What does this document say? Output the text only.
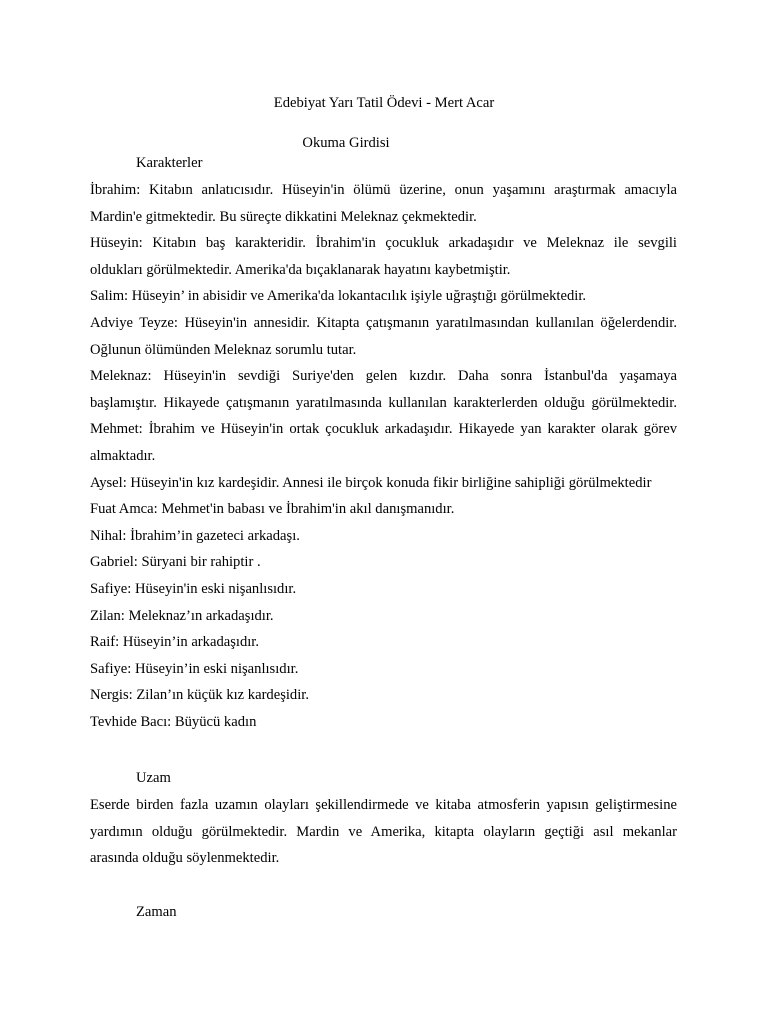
Edebiyat Yarı Tatil Ödevi - Mert Acar
Okuma Girdisi
Karakterler
İbrahim: Kitabın anlatıcısıdır. Hüseyin'in ölümü üzerine, onun yaşamını araştırmak amacıyla
Mardin'e gitmektedir. Bu süreçte dikkatini Meleknaz çekmektedir.
Hüseyin: Kitabın baş karakteridir. İbrahim'in çocukluk arkadaşıdır ve Meleknaz ile sevgili
oldukları görülmektedir. Amerika'da bıçaklanarak hayatını kaybetmiştir.
Salim: Hüseyin’ in abisidir ve Amerika'da lokantacılık işiyle uğraştığı görülmektedir.
Adviye Teyze: Hüseyin'in annesidir. Kitapta çatışmanın yaratılmasından kullanılan öğelerdendir.
Oğlunun ölümünden Meleknaz sorumlu tutar.
Meleknaz: Hüseyin'in sevdiği Suriye'den gelen kızdır. Daha sonra İstanbul'da yaşamaya
başlamıştır. Hikayede çatışmanın yaratılmasında kullanılan karakterlerden olduğu görülmektedir.
Mehmet: İbrahim ve Hüseyin'in ortak çocukluk arkadaşıdır. Hikayede yan karakter olarak görev
almaktadır.
Aysel: Hüseyin'in kız kardeşidir. Annesi ile birçok konuda fikir birliğine sahipliği görülmektedir
Fuat Amca: Mehmet'in babası ve İbrahim'in akıl danışmanıdır.
Nihal: İbrahim’in gazeteci arkadaşı.
Gabriel: Süryani bir rahiptir .
Safiye: Hüseyin'in eski nişanlısıdır.
Zilan: Meleknaz’ın arkadaşıdır.
Raif: Hüseyin’in arkadaşıdır.
Safiye: Hüseyin’in eski nişanlısıdır.
Nergis: Zilan’ın küçük kız kardeşidir.
Tevhide Bacı: Büyücü kadın
Uzam
Eserde birden fazla uzamın olayları şekillendirmede ve kitaba atmosferin yapısın geliştirmesine
yardımın olduğu görülmektedir. Mardin ve Amerika, kitapta olayların geçtiği asıl mekanlar
arasında olduğu söylenmektedir.
Zaman
